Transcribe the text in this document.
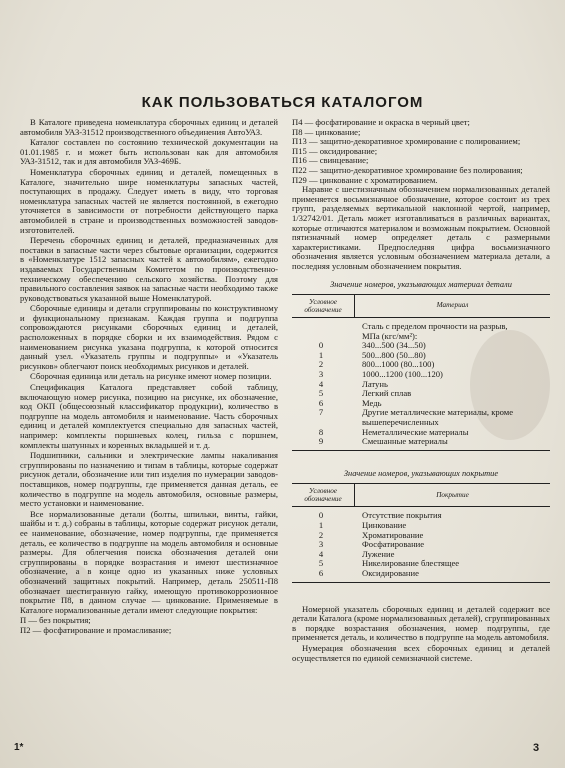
КАК ПОЛЬЗОВАТЬСЯ КАТАЛОГОМ

В Каталоге приведена номенклатура сборочных единиц и деталей автомобиля УАЗ-31512 производственного объединения АвтоУАЗ.

Каталог составлен по состоянию технической документации на 01.01.1985 г. и может быть использован как для автомобиля УАЗ-31512, так и для автомобиля УАЗ-469Б.

Номенклатура сборочных единиц и деталей, помещенных в Каталоге, значительно шире номенклатуры запасных частей, поступающих в продажу. Следует иметь в виду, что торговая номенклатура запасных частей не является постоянной, в ежегодно уточняется в зависимости от потребности действующего парка автомобилей в стране и производственных возможностей заводов-изготовителей.

Перечень сборочных единиц и деталей, предназначенных для поставки в запасные части через сбытовые организации, содержится в «Номенклатуре 1512 запасных частей к автомобилям», ежегодно издаваемых Государственным Комитетом по производственно-техническому обеспечению сельского хозяйства. Поэтому для правильного составления заявок на запасные части необходимо также руководствоваться указанной выше Номенклатурой.

Сборочные единицы и детали сгруппированы по конструктивному и функциональному признакам. Каждая группа и подгруппа сопровождаются рисунками сборочных единиц и деталей, расположенных в порядке сборки и их взаимодействия. Рядом с наименованием рисунка указана подгруппа, к которой относится данный узел. «Указатель группы и подгруппы» и «Указатель рисунков» облегчают поиск необходимых рисунков и деталей.

Сборочная единица или деталь на рисунке имеют номер позиции.

Спецификация Каталога представляет собой таблицу, включающую номер рисунка, позицию на рисунке, их обозначение, код ОКП (общесоюзный классификатор продукции), количество в подгруппе на модель автомобиля и наименование. Часть сборочных единиц и деталей комплектуется специально для запасных частей, например: комплекты поршневых колец, гильза с поршнем, комплекты шатунных и коренных вкладышей и т. д.

Подшипники, сальники и электрические лампы накаливания сгруппированы по назначению и типам в таблицы, которые содержат рисунок детали, обозначение или тип изделия по нумерации заводов-поставщиков, номер подгруппы, где применяется данная деталь, ее количество в подгруппе на модель автомобиля, основные размеры, место установки и наименование.

Все нормализованные детали (болты, шпильки, винты, гайки, шайбы и т. д.) собраны в таблицы, которые содержат рисунок детали, ее наименование, обозначение, номер подгруппы, где применяется деталь, ее количество в подгруппе на модель автомобиля и основные размеры. Для облегчения поиска обозначения деталей они сгруппированы в порядке возрастания и имеют шестизначное обозначение, а в конце одно из указанных ниже условных обозначений защитных покрытий. Например, деталь 250511-П8 обозначает шестигранную гайку, имеющую противокоррозионное покрытие П8, в данном случае — цинкование. Применяемые в Каталоге нормализованные детали имеют следующие покрытия:

П — без покрытия;

П2 — фосфатирование и промасливание;

П4 — фосфатирование и окраска в черный цвет;

П8 — цинкование;

П13 — защитно-декоративное хромирование с полированием;

П15 — оксидирование;

П16 — свинцевание;

П22 — защитно-декоративное хромирование без полирования;

П29 — цинкование с хроматированием.

Наравне с шестизначным обозначением нормализованных деталей применяется восьмизначное обозначение, которое состоит из трех групп, разделяемых вертикальной наклонной чертой, например, 1/32742/01. Деталь может изготавливаться в различных вариантах, которые отличаются материалом и возможным покрытием. Основной пятизначный номер определяет деталь с размерными характеристиками. Предпоследняя цифра восьмизначного обозначения является условным обозначением материала детали, а последняя условным обозначением покрытия.

Значение номеров, указывающих материал детали
Условное обозначение
Материал
Сталь с пределом прочности на разрыв,
МПа (кгс/мм²):
0	340...500 (34...50)
1	500...800 (50...80)
2	800...1000 (80...100)
3	1000...1200 (100...120)
4	Латунь
5	Легкий сплав
6	Медь
7	Другие металлические материалы, кроме
вышеперечисленных
8	Неметаллические материалы
9	Смешанные материалы
Значение номеров, указывающих покрытие
Условное обозначение
Покрытие
0	Отсутствие покрытия
1	Цинкование
2	Хроматирование
3	Фосфатирование
4	Лужение
5	Никелирование блестящее
6	Оксидирование

Номерной указатель сборочных единиц и деталей содержит все детали Каталога (кроме нормализованных деталей), сгруппированных в порядке возрастания обозначения, номер подгруппы, где применяется деталь, и количество в подгруппе на модель автомобиля.

Нумерация обозначения всех сборочных единиц и деталей осуществляется по единой семизначной системе.

3
1*
